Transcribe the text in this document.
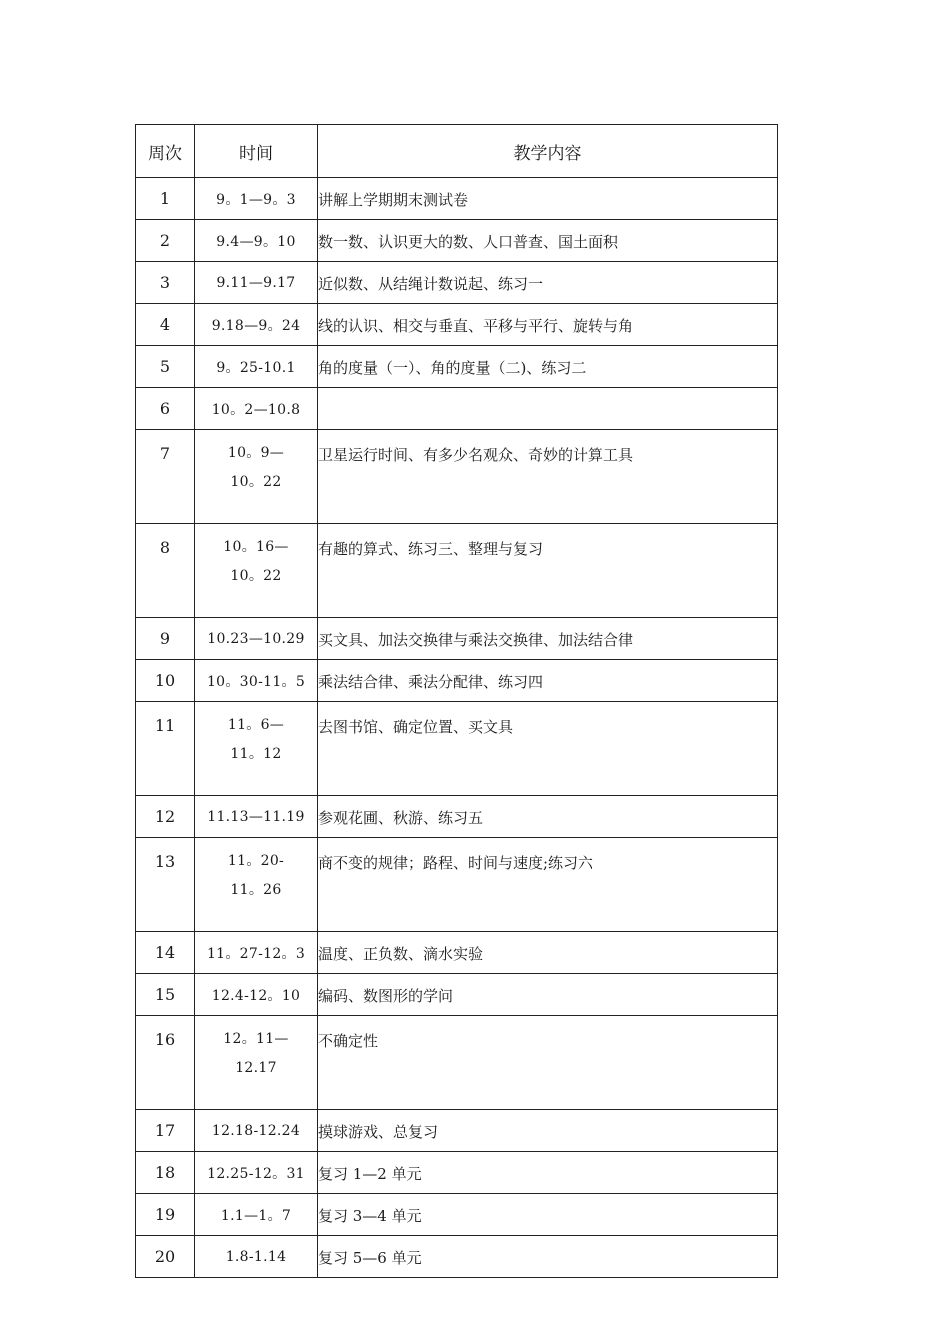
周次	时间	教学内容
1	9。1—9。3	讲解上学期期末测试卷
2	9.4—9。10	数一数、认识更大的数、人口普查、国土面积
3	9.11—9.17	近似数、从结绳计数说起、练习一
4	9.18—9。24	线的认识、相交与垂直、平移与平行、旋转与角
5	9。25-10.1	角的度量（一）、角的度量（二)、练习二
6	10。2—10.8	
7	10。9—
10。22	卫星运行时间、有多少名观众、奇妙的计算工具
8	10。16—
10。22	有趣的算式、练习三、整理与复习
9	10.23—10.29	买文具、加法交换律与乘法交换律、加法结合律
10	10。30-11。5	乘法结合律、乘法分配律、练习四
11	11。6—
11。12	去图书馆、确定位置、买文具
12	11.13—11.19	参观花圃、秋游、练习五
13	11。20-
11。26	商不变的规律；路程、时间与速度;练习六
14	11。27-12。3	温度、正负数、滴水实验
15	12.4-12。10	编码、数图形的学问
16	12。11—
12.17	不确定性
17	12.18-12.24	摸球游戏、总复习
18	12.25-12。31	复习 1—2 单元
19	1.1—1。7	复习 3—4 单元
20	1.8-1.14	复习 5—6 单元
